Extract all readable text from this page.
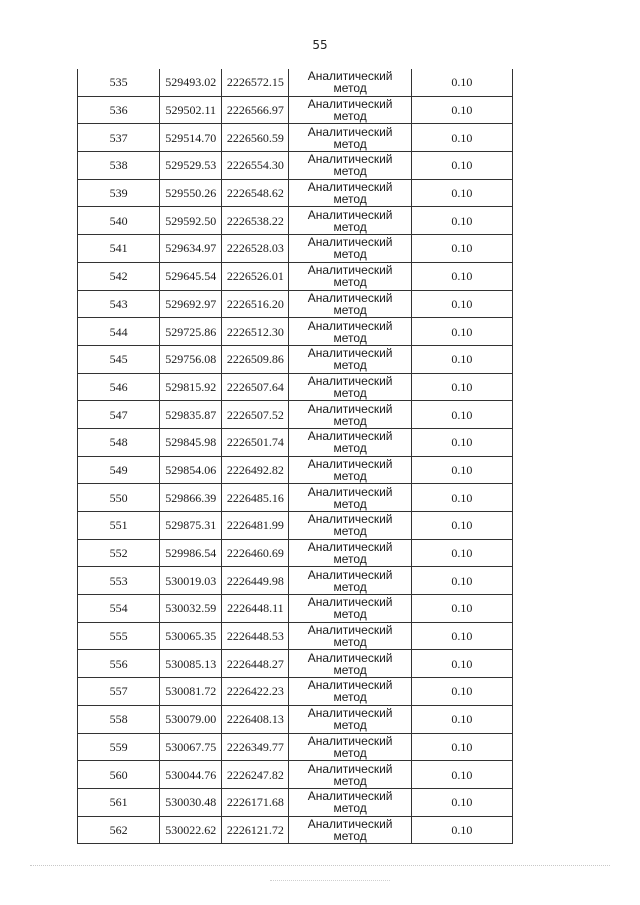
55
535	529493.02	2226572.15	Аналитический
метод	0.10
536	529502.11	2226566.97	Аналитический
метод	0.10
537	529514.70	2226560.59	Аналитический
метод	0.10
538	529529.53	2226554.30	Аналитический
метод	0.10
539	529550.26	2226548.62	Аналитический
метод	0.10
540	529592.50	2226538.22	Аналитический
метод	0.10
541	529634.97	2226528.03	Аналитический
метод	0.10
542	529645.54	2226526.01	Аналитический
метод	0.10
543	529692.97	2226516.20	Аналитический
метод	0.10
544	529725.86	2226512.30	Аналитический
метод	0.10
545	529756.08	2226509.86	Аналитический
метод	0.10
546	529815.92	2226507.64	Аналитический
метод	0.10
547	529835.87	2226507.52	Аналитический
метод	0.10
548	529845.98	2226501.74	Аналитический
метод	0.10
549	529854.06	2226492.82	Аналитический
метод	0.10
550	529866.39	2226485.16	Аналитический
метод	0.10
551	529875.31	2226481.99	Аналитический
метод	0.10
552	529986.54	2226460.69	Аналитический
метод	0.10
553	530019.03	2226449.98	Аналитический
метод	0.10
554	530032.59	2226448.11	Аналитический
метод	0.10
555	530065.35	2226448.53	Аналитический
метод	0.10
556	530085.13	2226448.27	Аналитический
метод	0.10
557	530081.72	2226422.23	Аналитический
метод	0.10
558	530079.00	2226408.13	Аналитический
метод	0.10
559	530067.75	2226349.77	Аналитический
метод	0.10
560	530044.76	2226247.82	Аналитический
метод	0.10
561	530030.48	2226171.68	Аналитический
метод	0.10
562	530022.62	2226121.72	Аналитический
метод	0.10
